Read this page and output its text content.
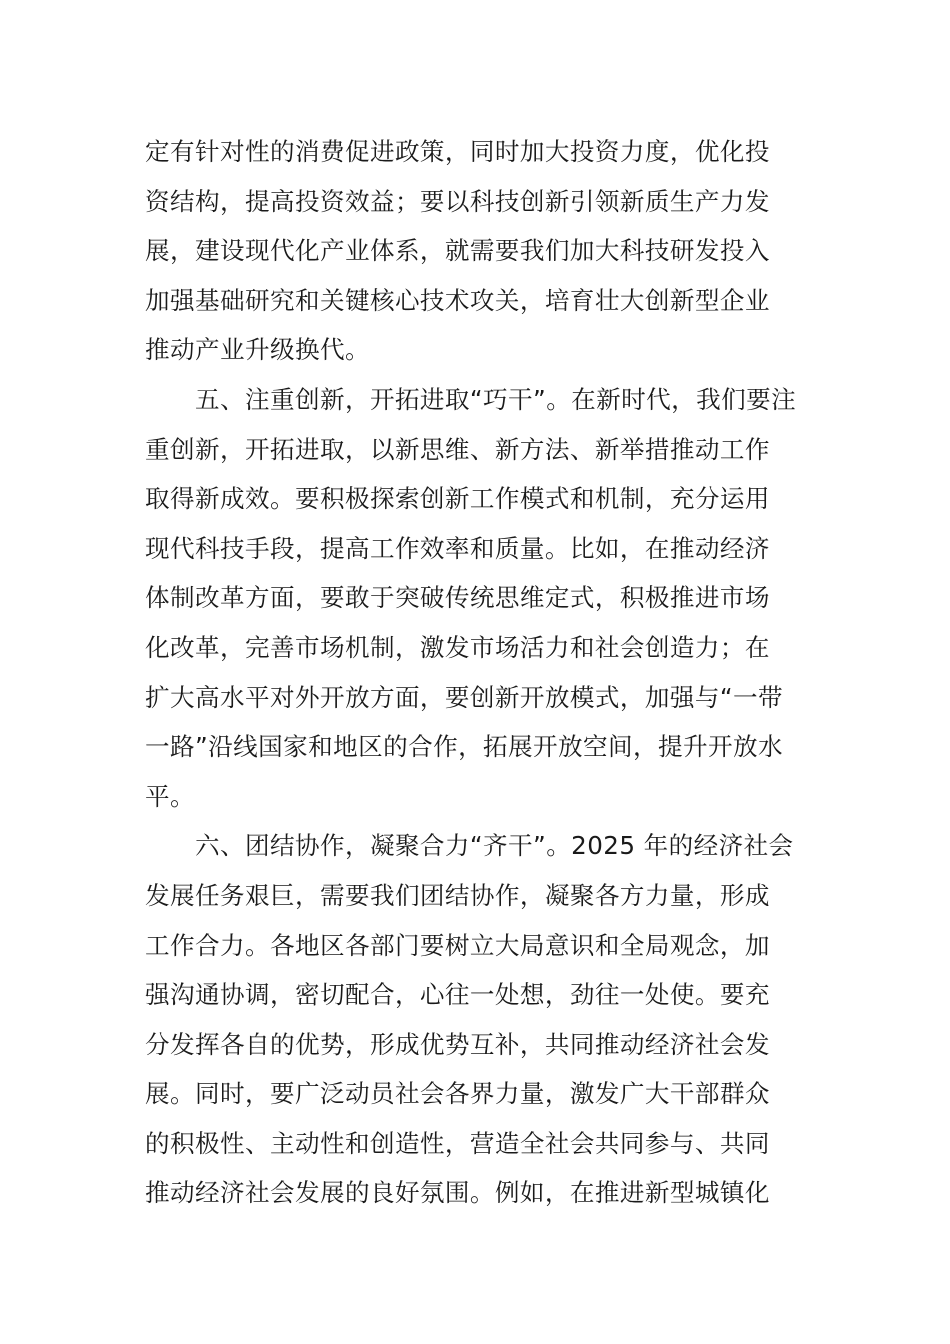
定有针对性的消费促进政策，同时加大投资力度，优化投
资结构，提高投资效益；要以科技创新引领新质生产力发
展，建设现代化产业体系，就需要我们加大科技研发投入
加强基础研究和关键核心技术攻关，培育壮大创新型企业
推动产业升级换代。
　　五、注重创新，开拓进取“巧干”。在新时代，我们要注
重创新，开拓进取，以新思维、新方法、新举措推动工作
取得新成效。要积极探索创新工作模式和机制，充分运用
现代科技手段，提高工作效率和质量。比如，在推动经济
体制改革方面，要敢于突破传统思维定式，积极推进市场
化改革，完善市场机制，激发市场活力和社会创造力；在
扩大高水平对外开放方面，要创新开放模式，加强与“一带
一路”沿线国家和地区的合作，拓展开放空间，提升开放水
平。
　　六、团结协作，凝聚合力“齐干”。2025 年的经济社会
发展任务艰巨，需要我们团结协作，凝聚各方力量，形成
工作合力。各地区各部门要树立大局意识和全局观念，加
强沟通协调，密切配合，心往一处想，劲往一处使。要充
分发挥各自的优势，形成优势互补，共同推动经济社会发
展。同时，要广泛动员社会各界力量，激发广大干部群众
的积极性、主动性和创造性，营造全社会共同参与、共同
推动经济社会发展的良好氛围。例如，在推进新型城镇化
